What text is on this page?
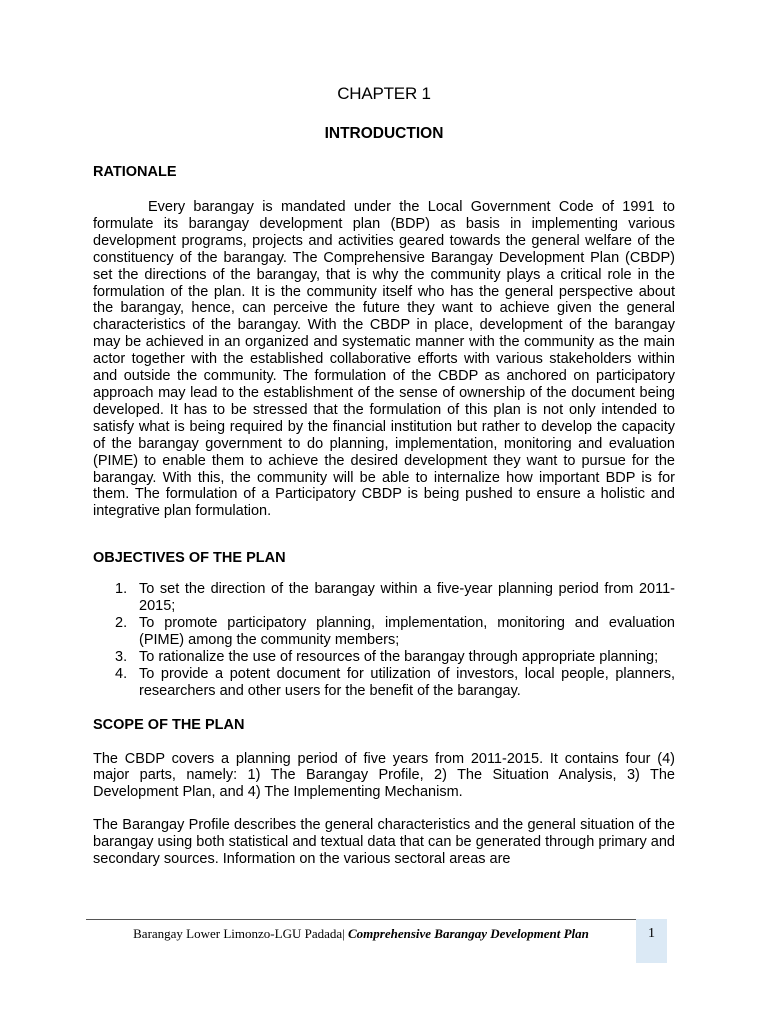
CHAPTER 1
INTRODUCTION
RATIONALE

Every barangay is mandated under the Local Government Code of 1991 to formulate its barangay development plan (BDP) as basis in implementing various development programs, projects and activities geared towards the general welfare of the constituency of the barangay. The Comprehensive Barangay Development Plan (CBDP) set the directions of the barangay, that is why the community plays a critical role in the formulation of the plan. It is the community itself who has the general perspective about the barangay, hence, can perceive the future they want to achieve given the general characteristics of the barangay. With the CBDP in place, development of the barangay may be achieved in an organized and systematic manner with the community as the main actor together with the established collaborative efforts with various stakeholders within and outside the community. The formulation of the CBDP as anchored on participatory approach may lead to the establishment of the sense of ownership of the document being developed. It has to be stressed that the formulation of this plan is not only intended to satisfy what is being required by the financial institution but rather to develop the capacity of the barangay government to do planning, implementation, monitoring and evaluation (PIME) to enable them to achieve the desired development they want to pursue for the barangay. With this, the community will be able to internalize how important BDP is for them. The formulation of a Participatory CBDP is being pushed to ensure a holistic and integrative plan formulation.

OBJECTIVES OF THE PLAN
1. To set the direction of the barangay within a five-year planning period from 2011-2015;
2. To promote participatory planning, implementation, monitoring and evaluation (PIME) among the community members;
3. To rationalize the use of resources of the barangay through appropriate planning;
4. To provide a potent document for utilization of investors, local people, planners, researchers and other users for the benefit of the barangay.
SCOPE OF THE PLAN

The CBDP covers a planning period of five years from 2011-2015. It contains four (4) major parts, namely: 1) The Barangay Profile, 2) The Situation Analysis, 3) The Development Plan, and 4) The Implementing Mechanism.

The Barangay Profile describes the general characteristics and the general situation of the barangay using both statistical and textual data that can be generated through primary and secondary sources. Information on the various sectoral areas are

Barangay Lower Limonzo-LGU Padada| Comprehensive Barangay Development Plan	1
